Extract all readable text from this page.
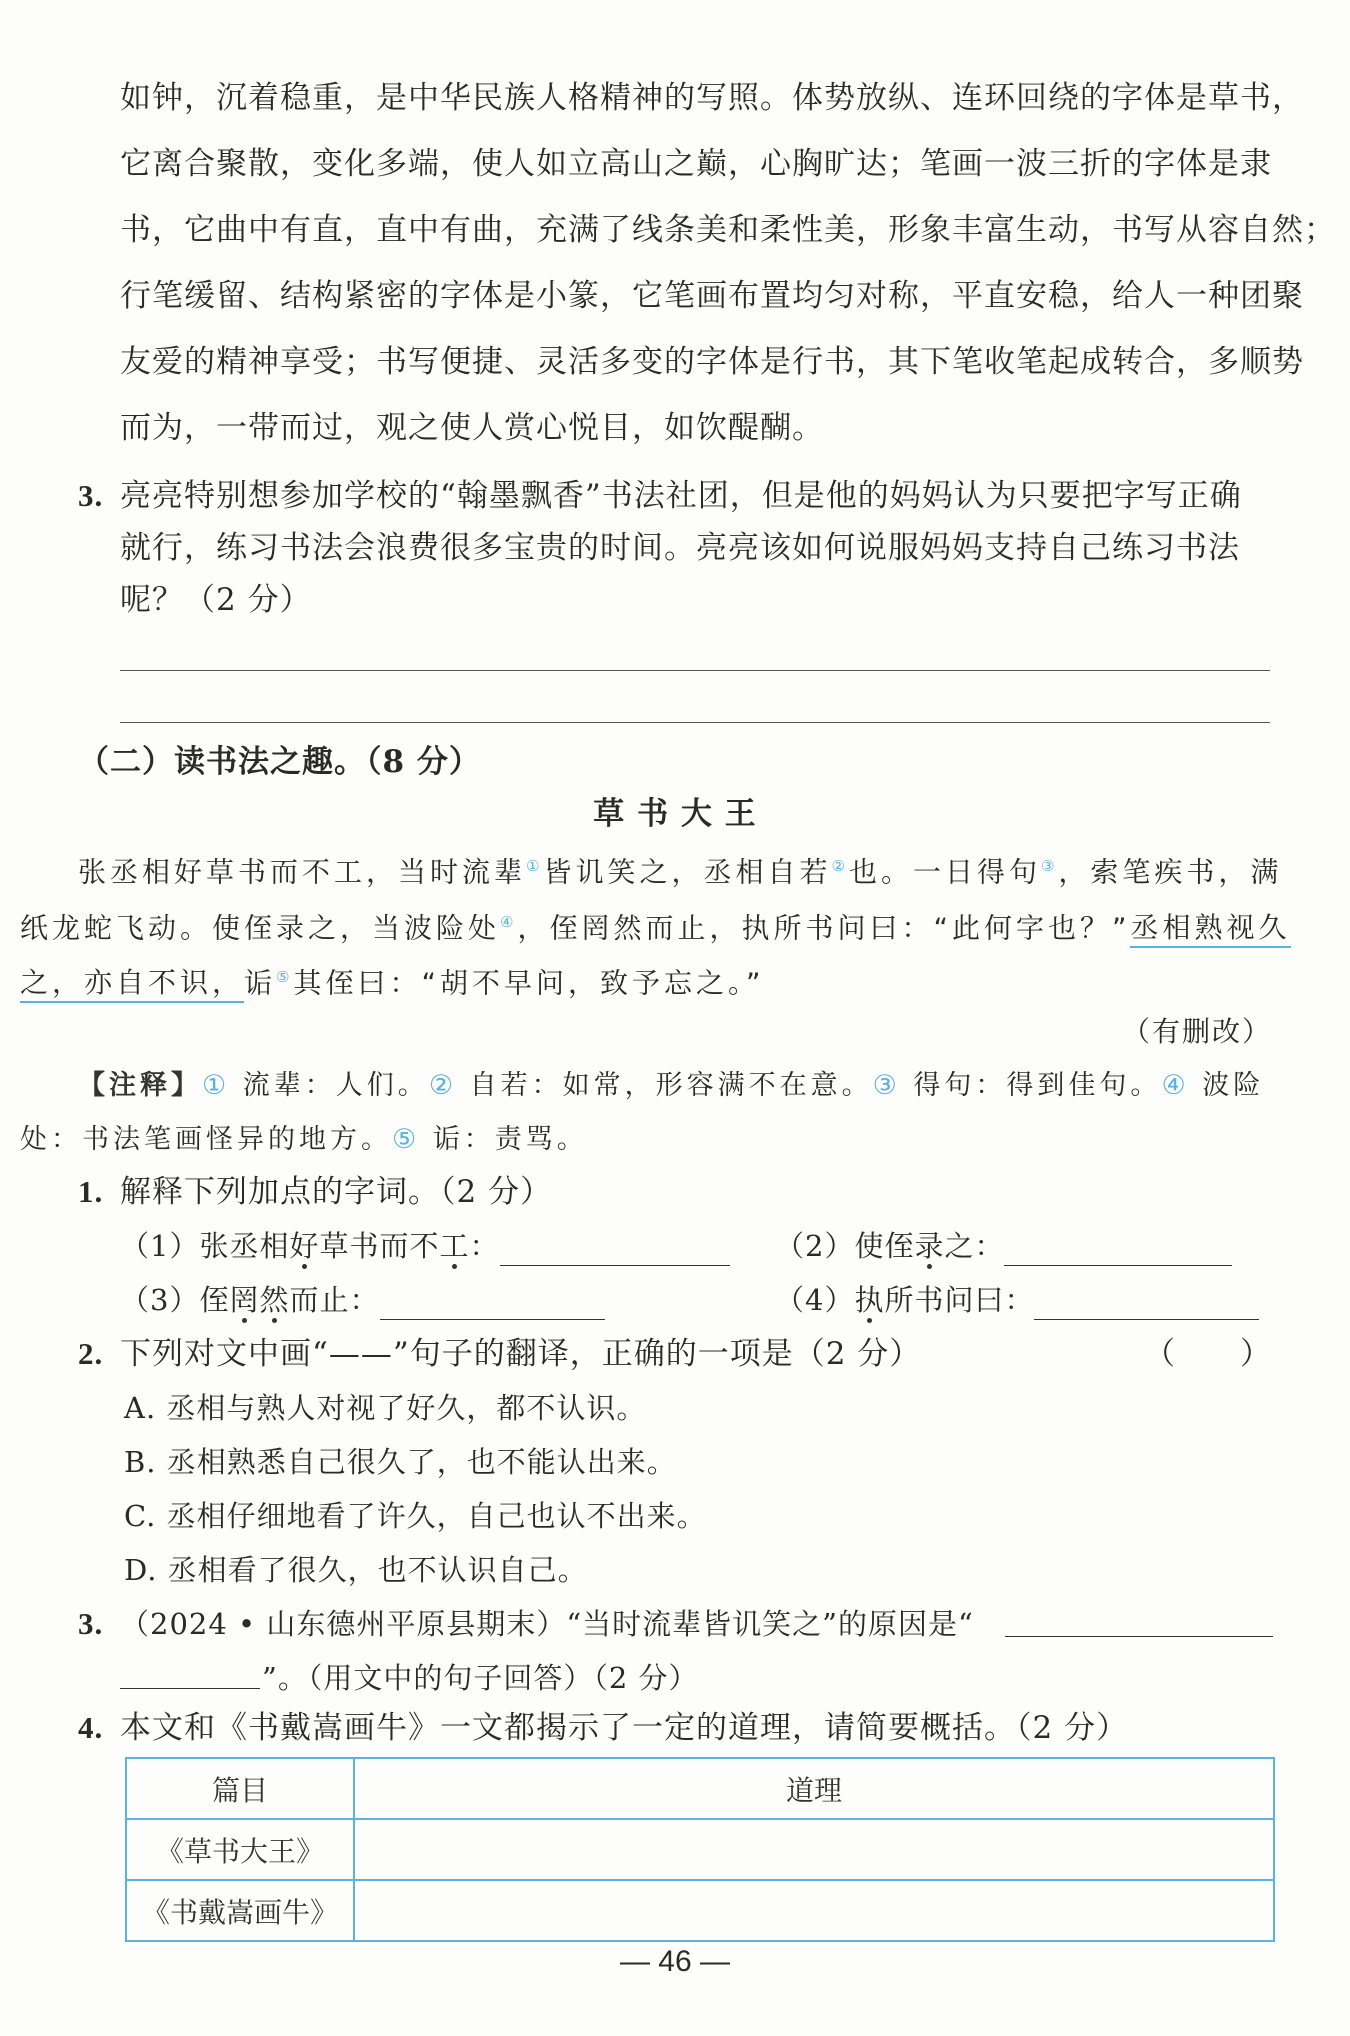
如钟，沉着稳重，是中华民族人格精神的写照。体势放纵、连环回绕的字体是草书，
它离合聚散，变化多端，使人如立高山之巅，心胸旷达；笔画一波三折的字体是隶
书，它曲中有直，直中有曲，充满了线条美和柔性美，形象丰富生动，书写从容自然；
行笔缓留、结构紧密的字体是小篆，它笔画布置均匀对称，平直安稳，给人一种团聚
友爱的精神享受；书写便捷、灵活多变的字体是行书，其下笔收笔起成转合，多顺势
而为，一带而过，观之使人赏心悦目，如饮醍醐。
3. 亮亮特别想参加学校的“翰墨飘香”书法社团，但是他的妈妈认为只要把字写正确
就行，练习书法会浪费很多宝贵的时间。亮亮该如何说服妈妈支持自己练习书法
呢？（2 分）
（二）读书法之趣。（8 分）
草 书 大 王
张丞相好草书而不工，当时流辈①皆讥笑之，丞相自若②也。一日得句③，索笔疾书，满
纸龙蛇飞动。使侄录之，当波险处④，侄罔然而止，执所书问曰：“此何字也？”丞相熟视久
之，亦自不识，诟⑤其侄曰：“胡不早问，致予忘之。”
（有删改）
【注释】① 流辈：人们。② 自若：如常，形容满不在意。③ 得句：得到佳句。④ 波险
处：书法笔画怪异的地方。⑤ 诟：责骂。
1. 解释下列加点的字词。（2 分）
（1）张丞相好草书而不工：	（2）使侄录之：
（3）侄罔然而止：	（4）执所书问曰：
2. 下列对文中画“——”句子的翻译，正确的一项是（2 分）	（　　）
A. 丞相与熟人对视了好久，都不认识。
B. 丞相熟悉自己很久了，也不能认出来。
C. 丞相仔细地看了许久，自己也认不出来。
D. 丞相看了很久，也不认识自己。
3. （2024 • 山东德州平原县期末）“当时流辈皆讥笑之”的原因是“
”。（用文中的句子回答）（2 分）
4. 本文和《书戴嵩画牛》一文都揭示了一定的道理，请简要概括。（2 分）
篇目	道理
《草书大王》	
《书戴嵩画牛》	
— 46 —
